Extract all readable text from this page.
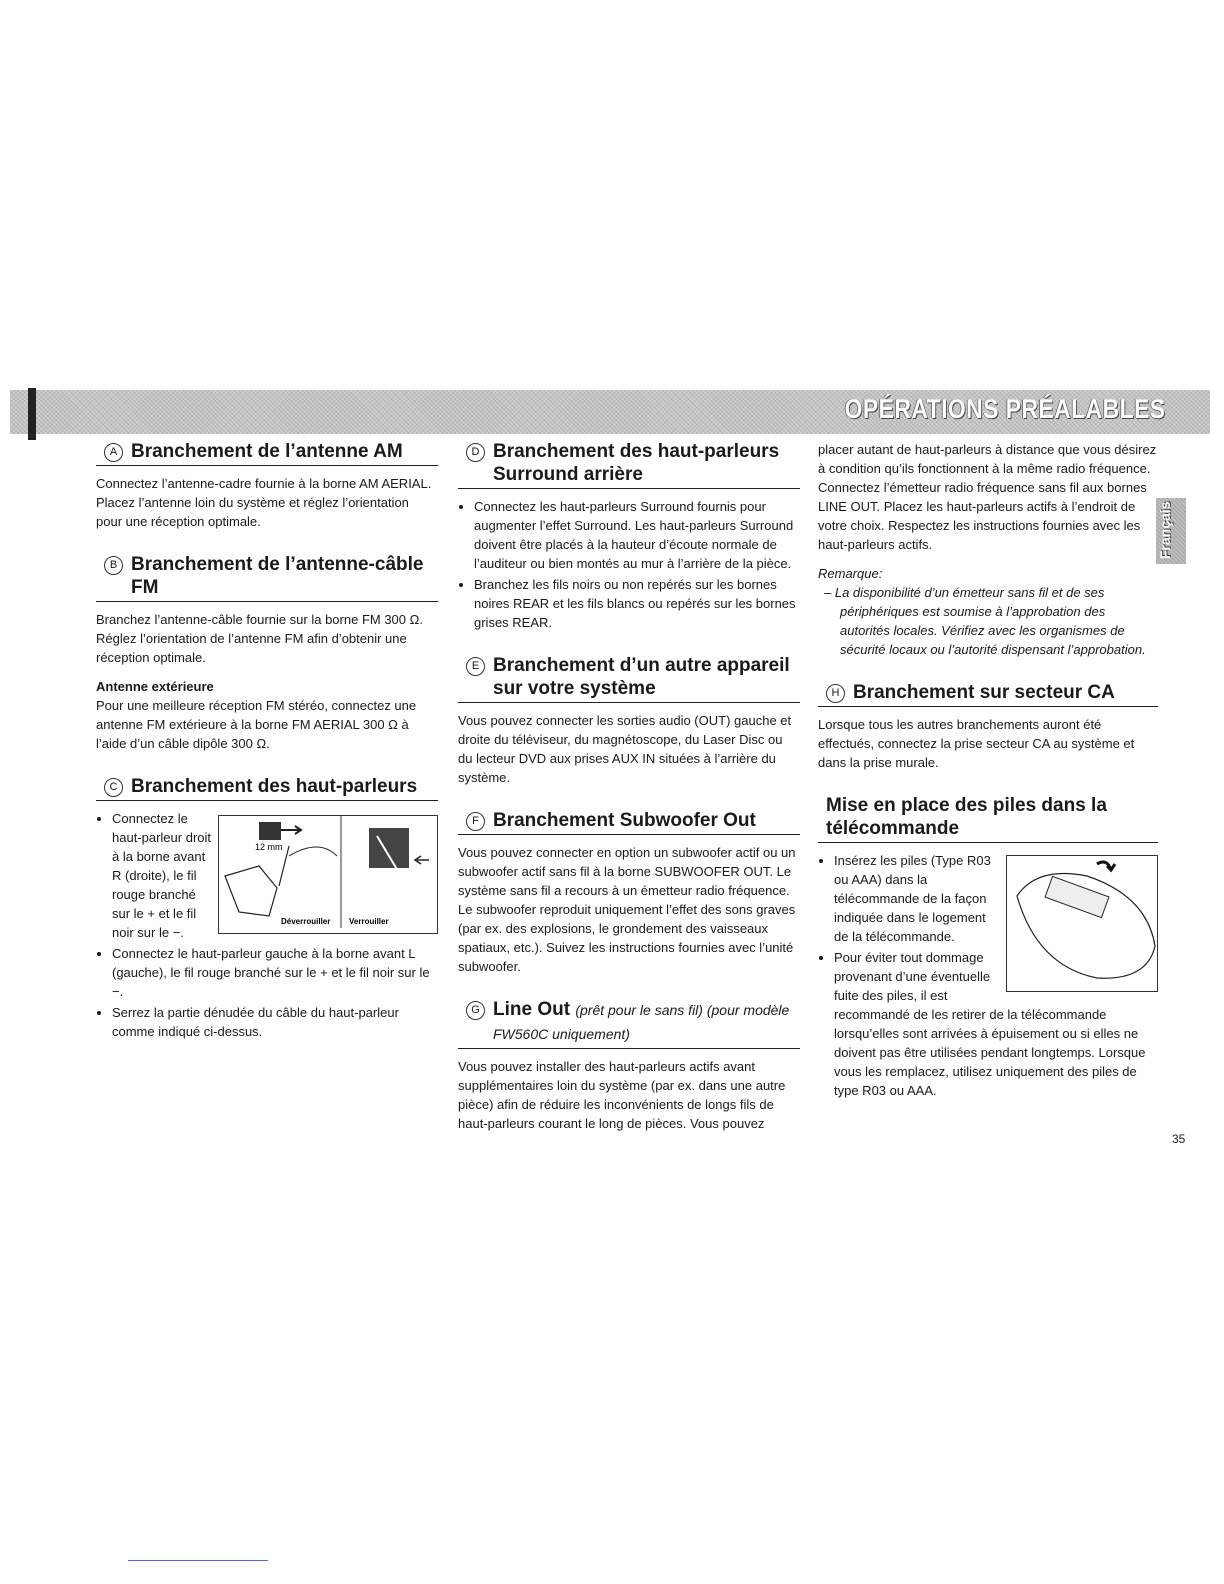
OPÉRATIONS PRÉALABLES
Français
A Branchement de l’antenne AM

Connectez l’antenne-cadre fournie à la borne AM AERIAL. Placez l’antenne loin du système et réglez l’orientation pour une réception optimale.

B Branchement de l’antenne-câble FM

Branchez l’antenne-câble fournie sur la borne FM 300 Ω. Réglez l’orientation de l’antenne FM afin d’obtenir une réception optimale.

Antenne extérieure

Pour une meilleure réception FM stéréo, connectez une antenne FM extérieure à la borne FM AERIAL 300 Ω à l’aide d’un câble dipôle 300 Ω.

C Branchement des haut-parleurs
12 mm
Déverrouiller Verrouiller
• Connectez le haut-parleur droit à la borne avant R (droite), le fil rouge branché sur le + et le fil noir sur le −.
• Connectez le haut-parleur gauche à la borne avant L (gauche), le fil rouge branché sur le + et le fil noir sur le −.
• Serrez la partie dénudée du câble du haut-parleur comme indiqué ci-dessus.
D Branchement des haut-parleurs Surround arrière
• Connectez les haut-parleurs Surround fournis pour augmenter l’effet Surround. Les haut-parleurs Surround doivent être placés à la hauteur d’écoute normale de l’auditeur ou bien montés au mur à l’arrière de la pièce.
• Branchez les fils noirs ou non repérés sur les bornes noires REAR et les fils blancs ou repérés sur les bornes grises REAR.
E Branchement d’un autre appareil sur votre système

Vous pouvez connecter les sorties audio (OUT) gauche et droite du téléviseur, du magnétoscope, du Laser Disc ou du lecteur DVD aux prises AUX IN situées à l’arrière du système.

F Branchement Subwoofer Out

Vous pouvez connecter en option un subwoofer actif ou un subwoofer actif sans fil à la borne SUBWOOFER OUT. Le système sans fil a recours à un émetteur radio fréquence. Le subwoofer reproduit uniquement l’effet des sons graves (par ex. des explosions, le grondement des vaisseaux spatiaux, etc.). Suivez les instructions fournies avec l’unité subwoofer.

G Line Out (prêt pour le sans fil) (pour modèle FW560C uniquement)

Vous pouvez installer des haut-parleurs actifs avant supplémentaires loin du système (par ex. dans une autre pièce) afin de réduire les inconvénients de longs fils de haut-parleurs courant le long de pièces. Vous pouvez

placer autant de haut-parleurs à distance que vous désirez à condition qu’ils fonctionnent à la même radio fréquence. Connectez l’émetteur radio fréquence sans fil aux bornes LINE OUT. Placez les haut-parleurs actifs à l’endroit de votre choix. Respectez les instructions fournies avec les haut-parleurs actifs.

Remarque:
– La disponibilité d’un émetteur sans fil et de ses périphériques est soumise à l’approbation des autorités locales. Vérifiez avec les organismes de sécurité locaux ou l’autorité dispensant l’approbation.
H Branchement sur secteur CA

Lorsque tous les autres branchements auront été effectués, connectez la prise secteur CA au système et dans la prise murale.

Mise en place des piles dans la télécommande
• Insérez les piles (Type R03 ou AAA) dans la télécommande de la façon indiquée dans le logement de la télécommande.
• Pour éviter tout dommage provenant d’une éventuelle fuite des piles, il est recommandé de les retirer de la télécommande lorsqu’elles sont arrivées à épuisement ou si elles ne doivent pas être utilisées pendant longtemps. Lorsque vous les remplacez, utilisez uniquement des piles de type R03 ou AAA.
35
